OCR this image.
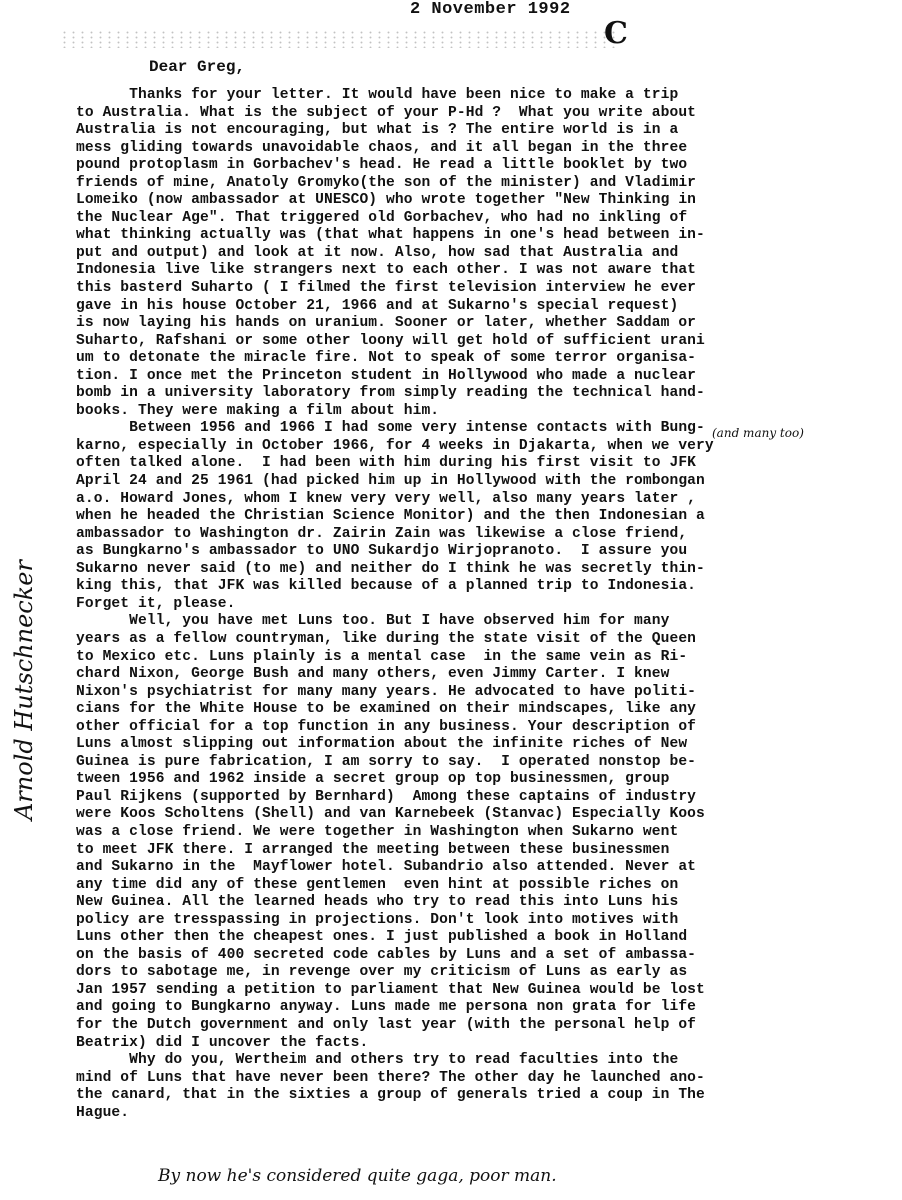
2 November 1992
C
Dear Greg,
Thanks for your letter. It would have been nice to make a trip
to Australia. What is the subject of your P-Hd ?  What you write about
Australia is not encouraging, but what is ? The entire world is in a
mess gliding towards unavoidable chaos, and it all began in the three
pound protoplasm in Gorbachev's head. He read a little booklet by two
friends of mine, Anatoly Gromyko(the son of the minister) and Vladimir
Lomeiko (now ambassador at UNESCO) who wrote together "New Thinking in
the Nuclear Age". That triggered old Gorbachev, who had no inkling of
what thinking actually was (that what happens in one's head between in-
put and output) and look at it now. Also, how sad that Australia and
Indonesia live like strangers next to each other. I was not aware that
this basterd Suharto ( I filmed the first television interview he ever
gave in his house October 21, 1966 and at Sukarno's special request)
is now laying his hands on uranium. Sooner or later, whether Saddam or
Suharto, Rafshani or some other loony will get hold of sufficient urani
um to detonate the miracle fire. Not to speak of some terror organisa-
tion. I once met the Princeton student in Hollywood who made a nuclear
bomb in a university laboratory from simply reading the technical hand-
books. They were making a film about him.
Between 1956 and 1966 I had some very intense contacts with Bung-
karno, especially in October 1966, for 4 weeks in Djakarta, when we very
often talked alone.  I had been with him during his first visit to JFK
April 24 and 25 1961 (had picked him up in Hollywood with the rombongan
a.o. Howard Jones, whom I knew very very well, also many years later ,
when he headed the Christian Science Monitor) and the then Indonesian a
ambassador to Washington dr. Zairin Zain was likewise a close friend,
as Bungkarno's ambassador to UNO Sukardjo Wirjopranoto.  I assure you
Sukarno never said (to me) and neither do I think he was secretly thin-
king this, that JFK was killed because of a planned trip to Indonesia.
Forget it, please.
Well, you have met Luns too. But I have observed him for many
years as a fellow countryman, like during the state visit of the Queen
to Mexico etc. Luns plainly is a mental case  in the same vein as Ri-
chard Nixon, George Bush and many others, even Jimmy Carter. I knew
Nixon's psychiatrist for many many years. He advocated to have politi-
cians for the White House to be examined on their mindscapes, like any
other official for a top function in any business. Your description of
Luns almost slipping out information about the infinite riches of New
Guinea is pure fabrication, I am sorry to say.  I operated nonstop be-
tween 1956 and 1962 inside a secret group op top businessmen, group
Paul Rijkens (supported by Bernhard)  Among these captains of industry
were Koos Scholtens (Shell) and van Karnebeek (Stanvac) Especially Koos
was a close friend. We were together in Washington when Sukarno went
to meet JFK there. I arranged the meeting between these businessmen
and Sukarno in the  Mayflower hotel. Subandrio also attended. Never at
any time did any of these gentlemen  even hint at possible riches on
New Guinea. All the learned heads who try to read this into Luns his
policy are tresspassing in projections. Don't look into motives with
Luns other then the cheapest ones. I just published a book in Holland
on the basis of 400 secreted code cables by Luns and a set of ambassa-
dors to sabotage me, in revenge over my criticism of Luns as early as
Jan 1957 sending a petition to parliament that New Guinea would be lost
and going to Bungkarno anyway. Luns made me persona non grata for life
for the Dutch government and only last year (with the personal help of
Beatrix) did I uncover the facts.
Why do you, Wertheim and others try to read faculties into the
mind of Luns that have never been there? The other day he launched ano-
the canard, that in the sixties a group of generals tried a coup in The
Hague.
(and many too)
Arnold Hutschnecker
By now he's considered quite gaga, poor man.
